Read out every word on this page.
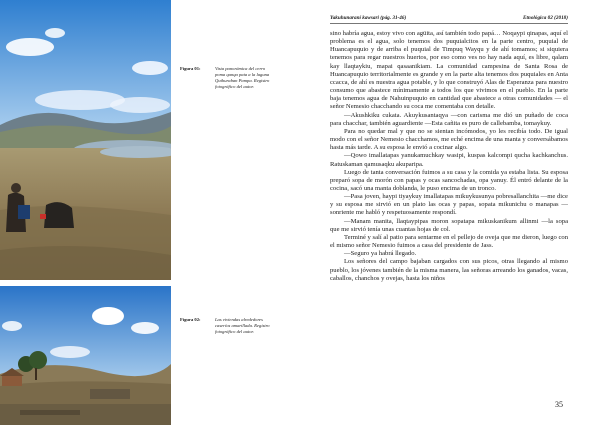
Figura 01:	Vista panorámica del cerro poma qanqa pata a la laguna Quihuraban Pampa. Registro fotográfico del autor.
Figura 02:	Las viviendas alrededores caseríos amarillada. Registro fotográfico del autor.
Yakuhunaraní kawsari (pág. 31-46)	Etnológica 02 (2018)

sino habría agua, estoy vivo con agüita, así también todo papá… Noqaypi qinapas, aquí el problema es el agua, solo tenemos dos puquialcitos en la parte centro, puquial de Huancapuquio y de arriba el puquial de Timpuq Wayqu y de ahí tomamos; si siquiera tenemos para regar nuestros huertos, por eso como ves no hay nada aquí, es libre, qalam kay llaqtaykiu, mapai qasaanikiam. La comunidad campesina de Santa Rosa de Huancapuquio territorialmente es grande y en la parte alta tenemos dos puquiales en Anta ccacca, de ahí es nuestra agua potable, y lo que construyó Alas de Esperanza para nuestro consumo que abastece mínimamente a todos los que vivimos en el pueblo. En la parte baja tenemos agua de Nahuinpuquio en cantidad que abastece a otras comunidades — el señor Nemesio chacchando su coca me comentaba con detalle.

—Akushkiku cukata. Akuykusantaqya —con carisma me dió un puñado de coca para chacchar, también aguardiente —Esta cañita es puro de callebamba, tomaykuy.

Para no quedar mal y que no se sientan incómodos, yo les recibía todo. De igual modo con el señor Nemesio chacchamos, me eché encima de una manta y conversábamos hasta más tarde. A su esposa le envió a cocinar algo.

—Qowo imallatapas yanukamuchkay wasipi, kuspas kalcompi qucha kachkanchus. Ratuskaman qamusaqku akuparipa.

Luego de tanta conversación fuimos a su casa y la comida ya estaba lista. Su esposa preparó sopa de morón con papas y ocas sancochadas, opa yanuy. Él entró delante de la cocina, sacó una manta doblanda, le puso encima de un tronco.

—Pasa joven, haypi tiyaykuy imallatapas mikuykusunya pobresallanchita —me dice y su esposa me sirvió en un plato las ocas y papas, sopata mikunichu o manapas —sonriente me habló y respetuosamente respondí.

—Manam manita, llaqtaypipas moron sopatapa mikuskanikum allinmi —la sopa que me sirvió tenía unas cuantas hojas de col.

Terminé y salí al patio para sentarme en el pellejo de oveja que me dieron, luego con el mismo señor Nemesio fuimos a casa del presidente de Jass.

—Seguro ya habrá llegado.

Los señores del campo bajaban cargados con sus picos, otras llegando al mismo pueblo, los jóvenes también de la misma manera, las señoras arreando los ganados, vacas, caballos, chanchos y ovejas, hasta los niños

35
